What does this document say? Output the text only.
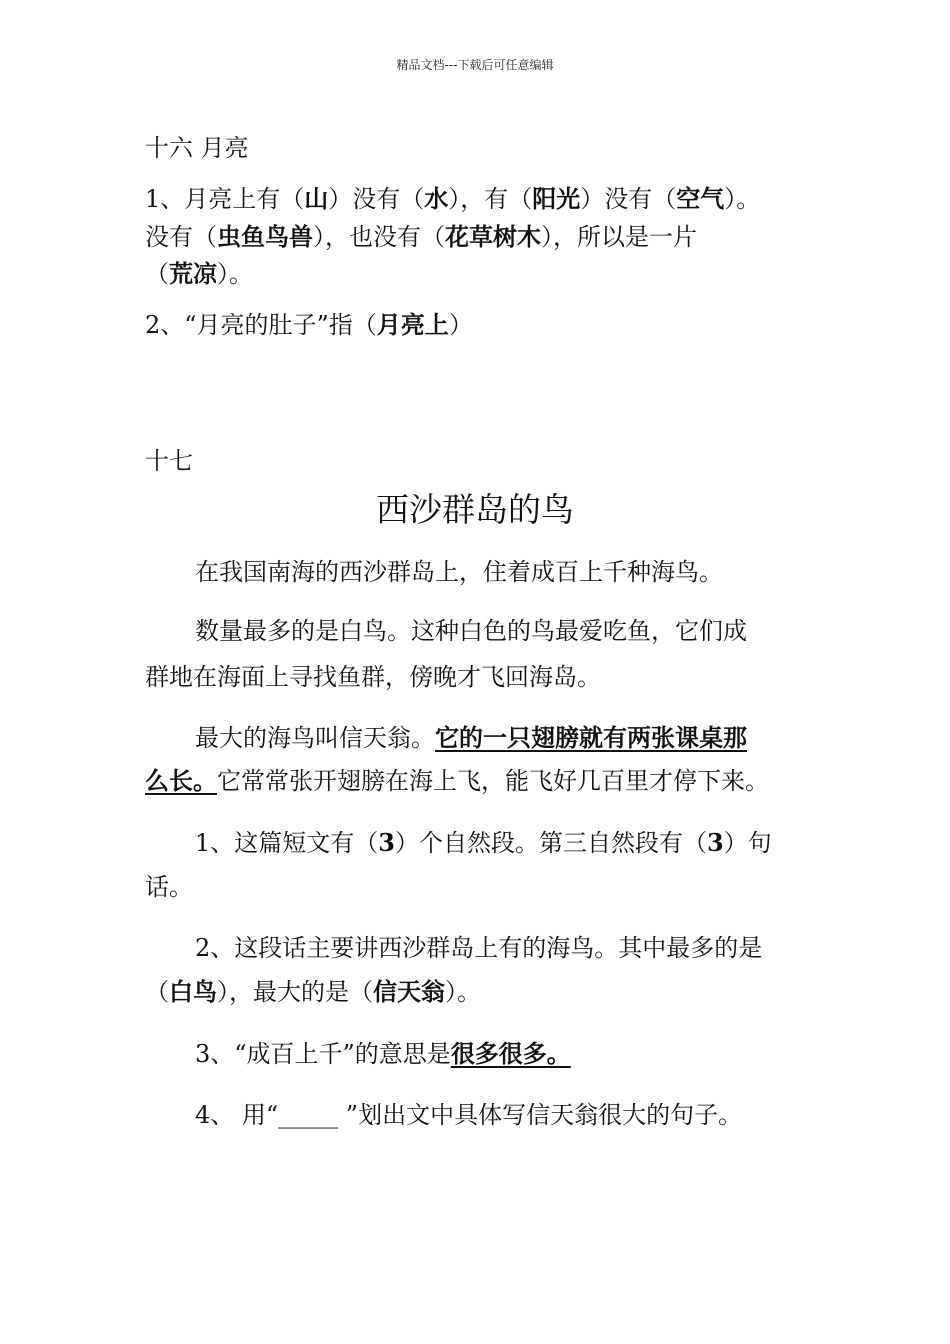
精品文档---下载后可任意编辑
十六 月亮
1、月亮上有（山）没有（水），有（阳光）没有（空气）。
没有（虫鱼鸟兽），也没有（花草树木），所以是一片
（荒凉）。
2、“月亮的肚子”指（月亮上）
十七
西沙群岛的鸟
在我国南海的西沙群岛上，住着成百上千种海鸟。
数量最多的是白鸟。这种白色的鸟最爱吃鱼，它们成
群地在海面上寻找鱼群，傍晚才飞回海岛。
最大的海鸟叫信天翁。它的一只翅膀就有两张课桌那
么长。它常常张开翅膀在海上飞，能飞好几百里才停下来。
1、这篇短文有（3）个自然段。第三自然段有（3）句
话。
2、这段话主要讲西沙群岛上有的海鸟。其中最多的是
（白鸟），最大的是（信天翁）。
3、“成百上千”的意思是很多很多。
4、 用“_____ ”划出文中具体写信天翁很大的句子。
